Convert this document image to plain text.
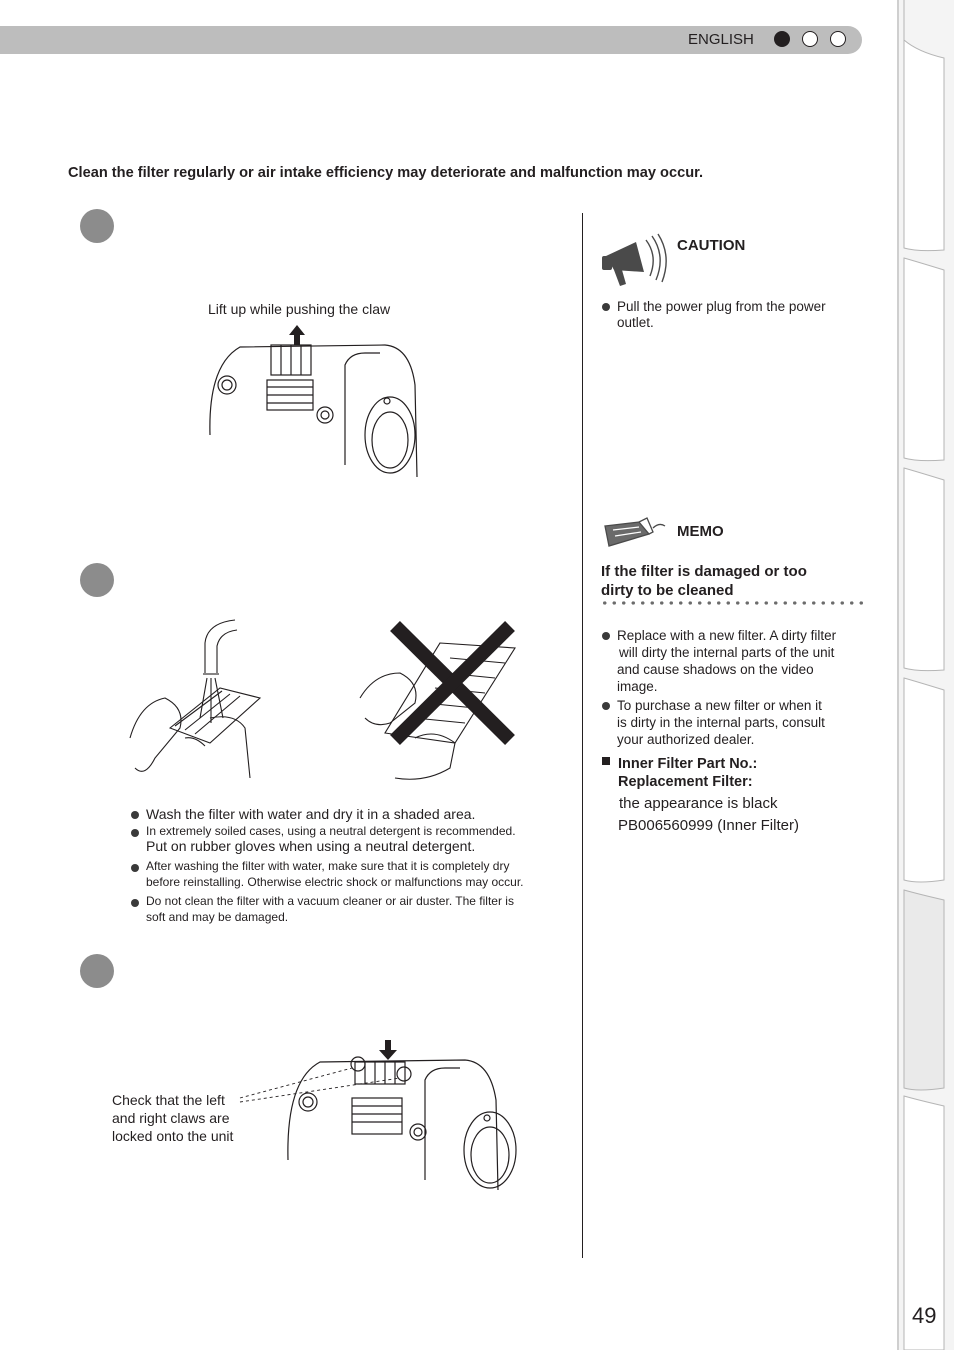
ENGLISH
49
Clean the filter regularly or air intake efficiency may deteriorate and malfunction may occur.
Lift up while pushing the claw
Wash the filter with water and dry it in a shaded area.
In extremely soiled cases, using a neutral detergent is recommended.
Put on rubber gloves when using a neutral detergent.
After washing the filter with water, make sure that it is completely dry
before reinstalling. Otherwise electric shock or malfunctions may occur.
Do not clean the filter with a vacuum cleaner or air duster. The filter is
soft and may be damaged.
Check that the left
and right claws are
locked onto the unit
CAUTION
Pull the power plug from the power
outlet.
MEMO
If the filter is damaged or too
dirty to be cleaned
Replace with a new filter. A dirty filter
will dirty the internal parts of the unit
and cause shadows on the video
image.
To purchase a new filter or when it
is dirty in the internal parts, consult
your authorized dealer.
Inner Filter Part No.:
Replacement Filter:
the appearance is black
PB006560999 (Inner Filter)
